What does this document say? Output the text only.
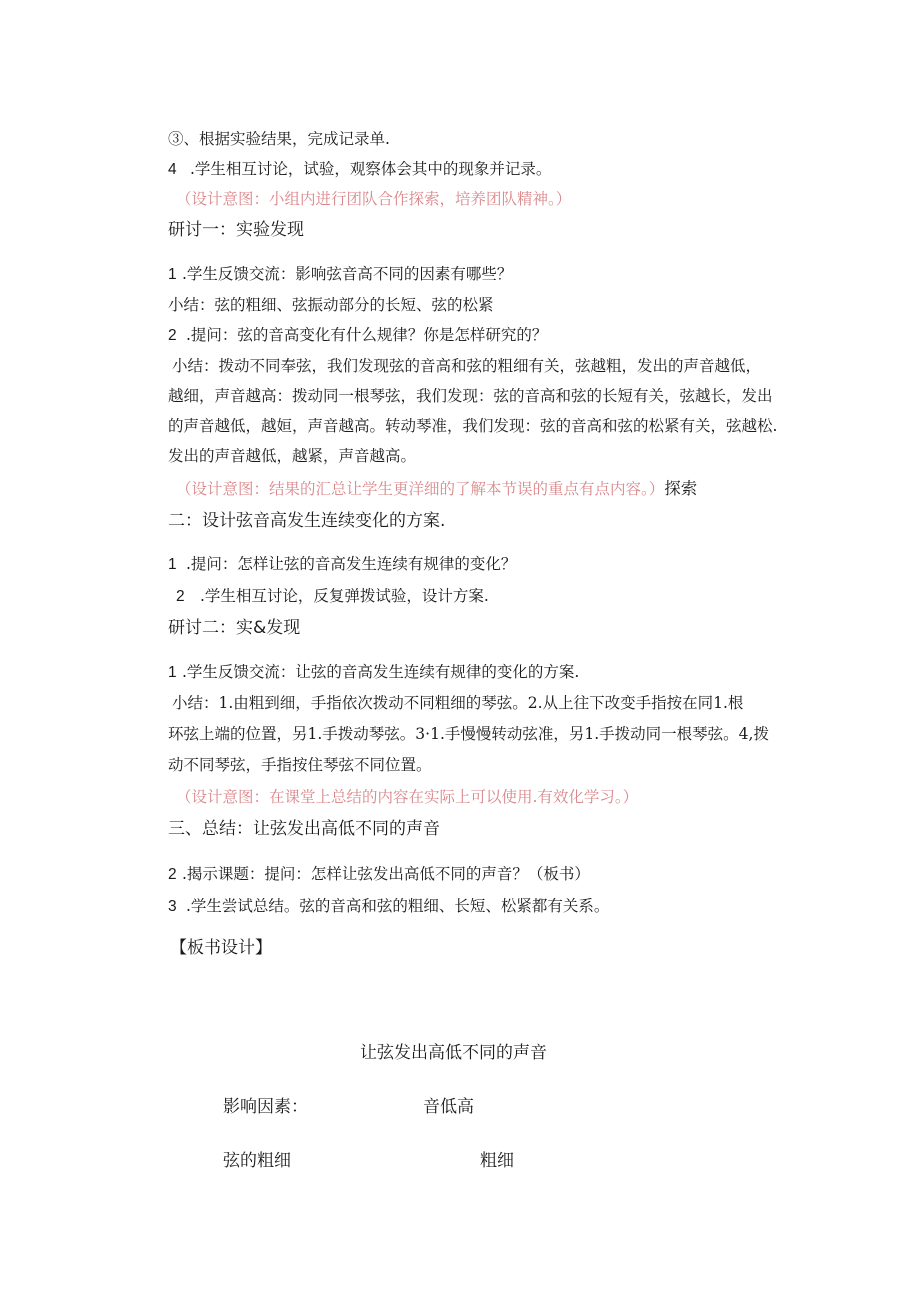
③、根据实验结果，完成记录单.
4 .学生相互讨论，试验，观察体会其中的现象并记录。
（设计意图：小组内进行团队合作探索，培养团队精神。）
研讨一：实验发现
1 .学生反馈交流：影响弦音高不同的因素有哪些？
小结：弦的粗细、弦振动部分的长短、弦的松紧
2 .提问：弦的音高变化有什么规律？你是怎样研究的？
小结：拨动不同奉弦，我们发现弦的音高和弦的粗细有关，弦越粗，发出的声音越低，
越细，声音越高：拨动同一根琴弦，我们发现：弦的音高和弦的长短有关，弦越长，发出
的声音越低，越姮，声音越高。转动琴准，我们发现：弦的音高和弦的松紧有关，弦越松.
发出的声音越低，越紧，声音越高。
（设计意图：结果的汇总让学生更洋细的了解本节误的重点有点内容。）探索
二：设计弦音高发生连续变化的方案.
1 .提问：怎样让弦的音高发生连续有规律的变化？
2 .学生相互讨论，反复弹拨试验，设计方案.
研讨二：实&发现
1 .学生反馈交流：让弦的音高发生连续有规律的变化的方案.
小结：1.由粗到细，手指依次拨动不同粗细的琴弦。2.从上往下改变手指按在同1.根
环弦上端的位置，另1.手拨动琴弦。3·1.手慢慢转动弦准，另1.手拨动同一根琴弦。4,拨
动不同琴弦，手指按住琴弦不同位置。
（设计意图：在课堂上总结的内容在实际上可以使用.有效化学习。）
三、总结：让弦发出高低不同的声音
2 .揭示课题：提问：怎样让弦发出高低不同的声音？（板书）
3 .学生尝试总结。弦的音高和弦的粗细、长短、松紧都有关系。
【板书设计】
让弦发出高低不同的声音
影响因素：	音低高
弦的粗细	粗细
